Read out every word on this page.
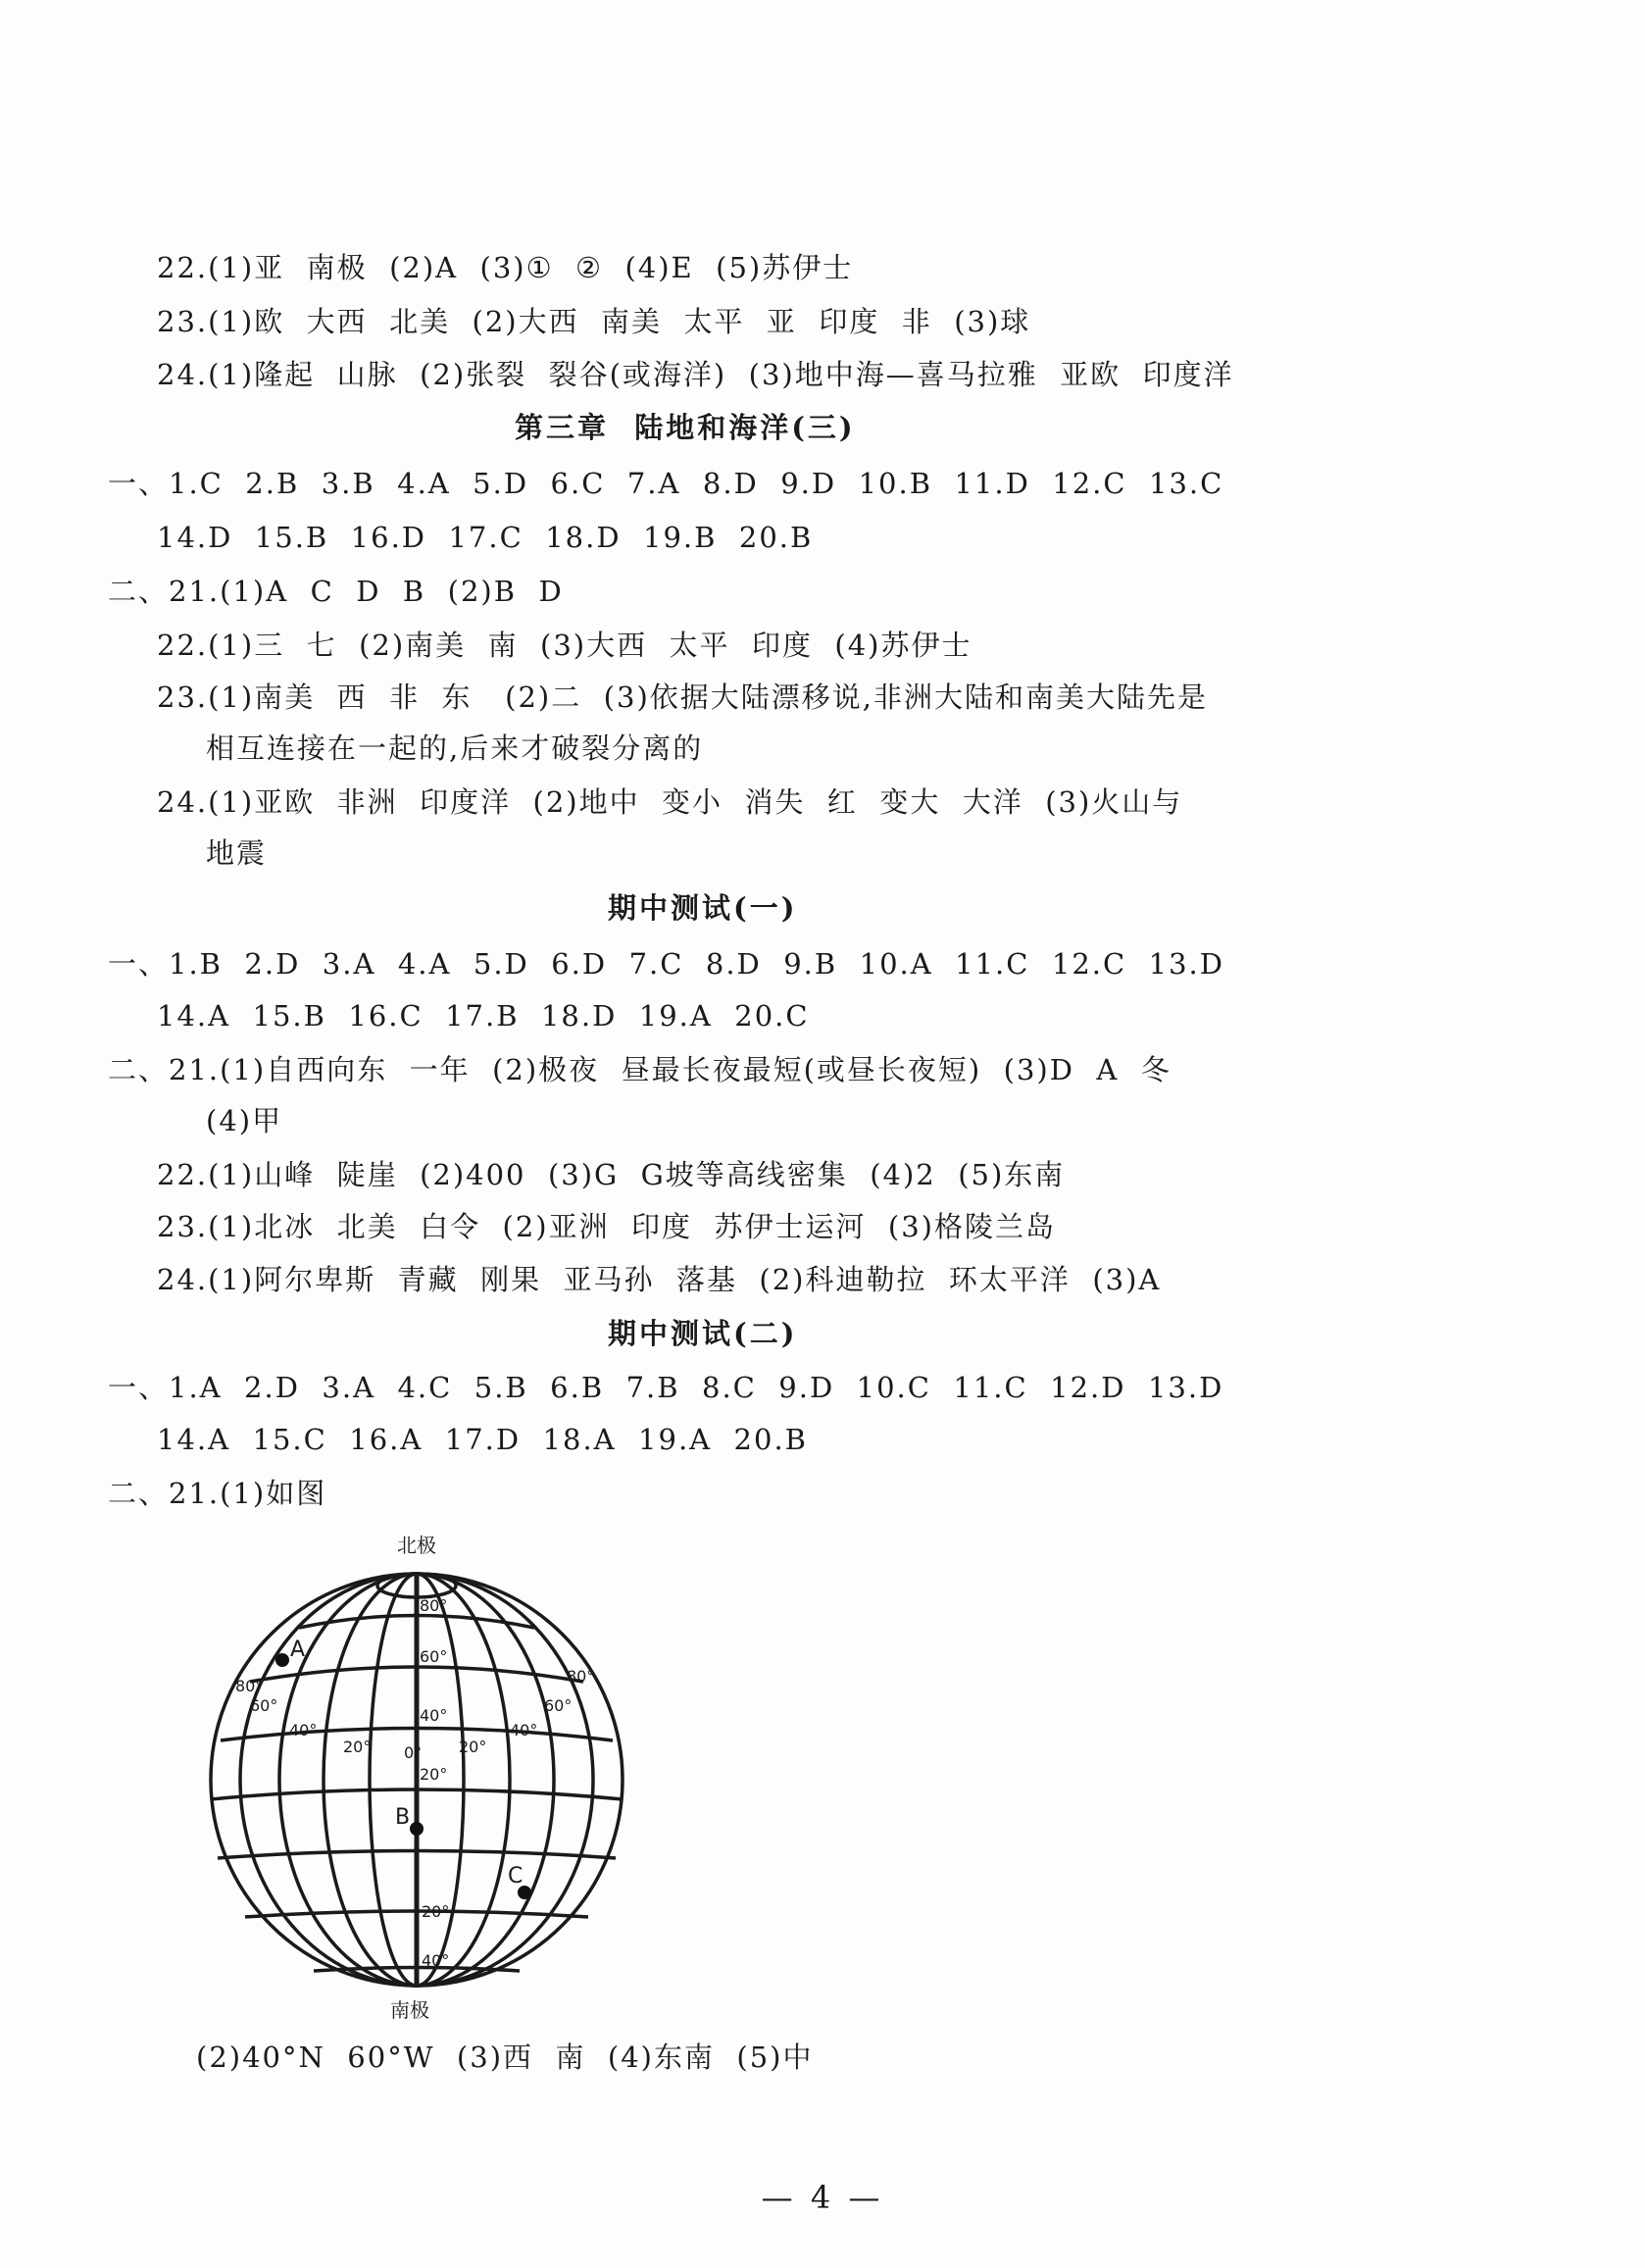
22.(1)亚  南极  (2)A  (3)①  ②  (4)E  (5)苏伊士
23.(1)欧  大西  北美  (2)大西  南美  太平  亚  印度  非  (3)球
24.(1)隆起  山脉  (2)张裂  裂谷(或海洋)  (3)地中海—喜马拉雅  亚欧  印度洋
第三章  陆地和海洋(三)
一、1.C  2.B  3.B  4.A  5.D  6.C  7.A  8.D  9.D  10.B  11.D  12.C  13.C
14.D  15.B  16.D  17.C  18.D  19.B  20.B
二、21.(1)A  C  D  B  (2)B  D
22.(1)三  七  (2)南美  南  (3)大西  太平  印度  (4)苏伊士
23.(1)南美  西  非  东   (2)二  (3)依据大陆漂移说,非洲大陆和南美大陆先是
相互连接在一起的,后来才破裂分离的
24.(1)亚欧  非洲  印度洋  (2)地中  变小  消失  红  变大  大洋  (3)火山与
地震
期中测试(一)
一、1.B  2.D  3.A  4.A  5.D  6.D  7.C  8.D  9.B  10.A  11.C  12.C  13.D
14.A  15.B  16.C  17.B  18.D  19.A  20.C
二、21.(1)自西向东  一年  (2)极夜  昼最长夜最短(或昼长夜短)  (3)D  A  冬
(4)甲
22.(1)山峰  陡崖  (2)400  (3)G  G坡等高线密集  (4)2  (5)东南
23.(1)北冰  北美  白令  (2)亚洲  印度  苏伊士运河  (3)格陵兰岛
24.(1)阿尔卑斯  青藏  刚果  亚马孙  落基  (2)科迪勒拉  环太平洋  (3)A
期中测试(二)
一、1.A  2.D  3.A  4.C  5.B  6.B  7.B  8.C  9.D  10.C  11.C  12.D  13.D
14.A  15.C  16.A  17.D  18.A  19.A  20.B
二、21.(1)如图
北极
南极
A
B
C
80°
60°
40°
20°
20°
40°
80°
60°
40°
20° 0° 20°
40°
60°
80°
(2)40°N  60°W  (3)西  南  (4)东南  (5)中
— 4 —
